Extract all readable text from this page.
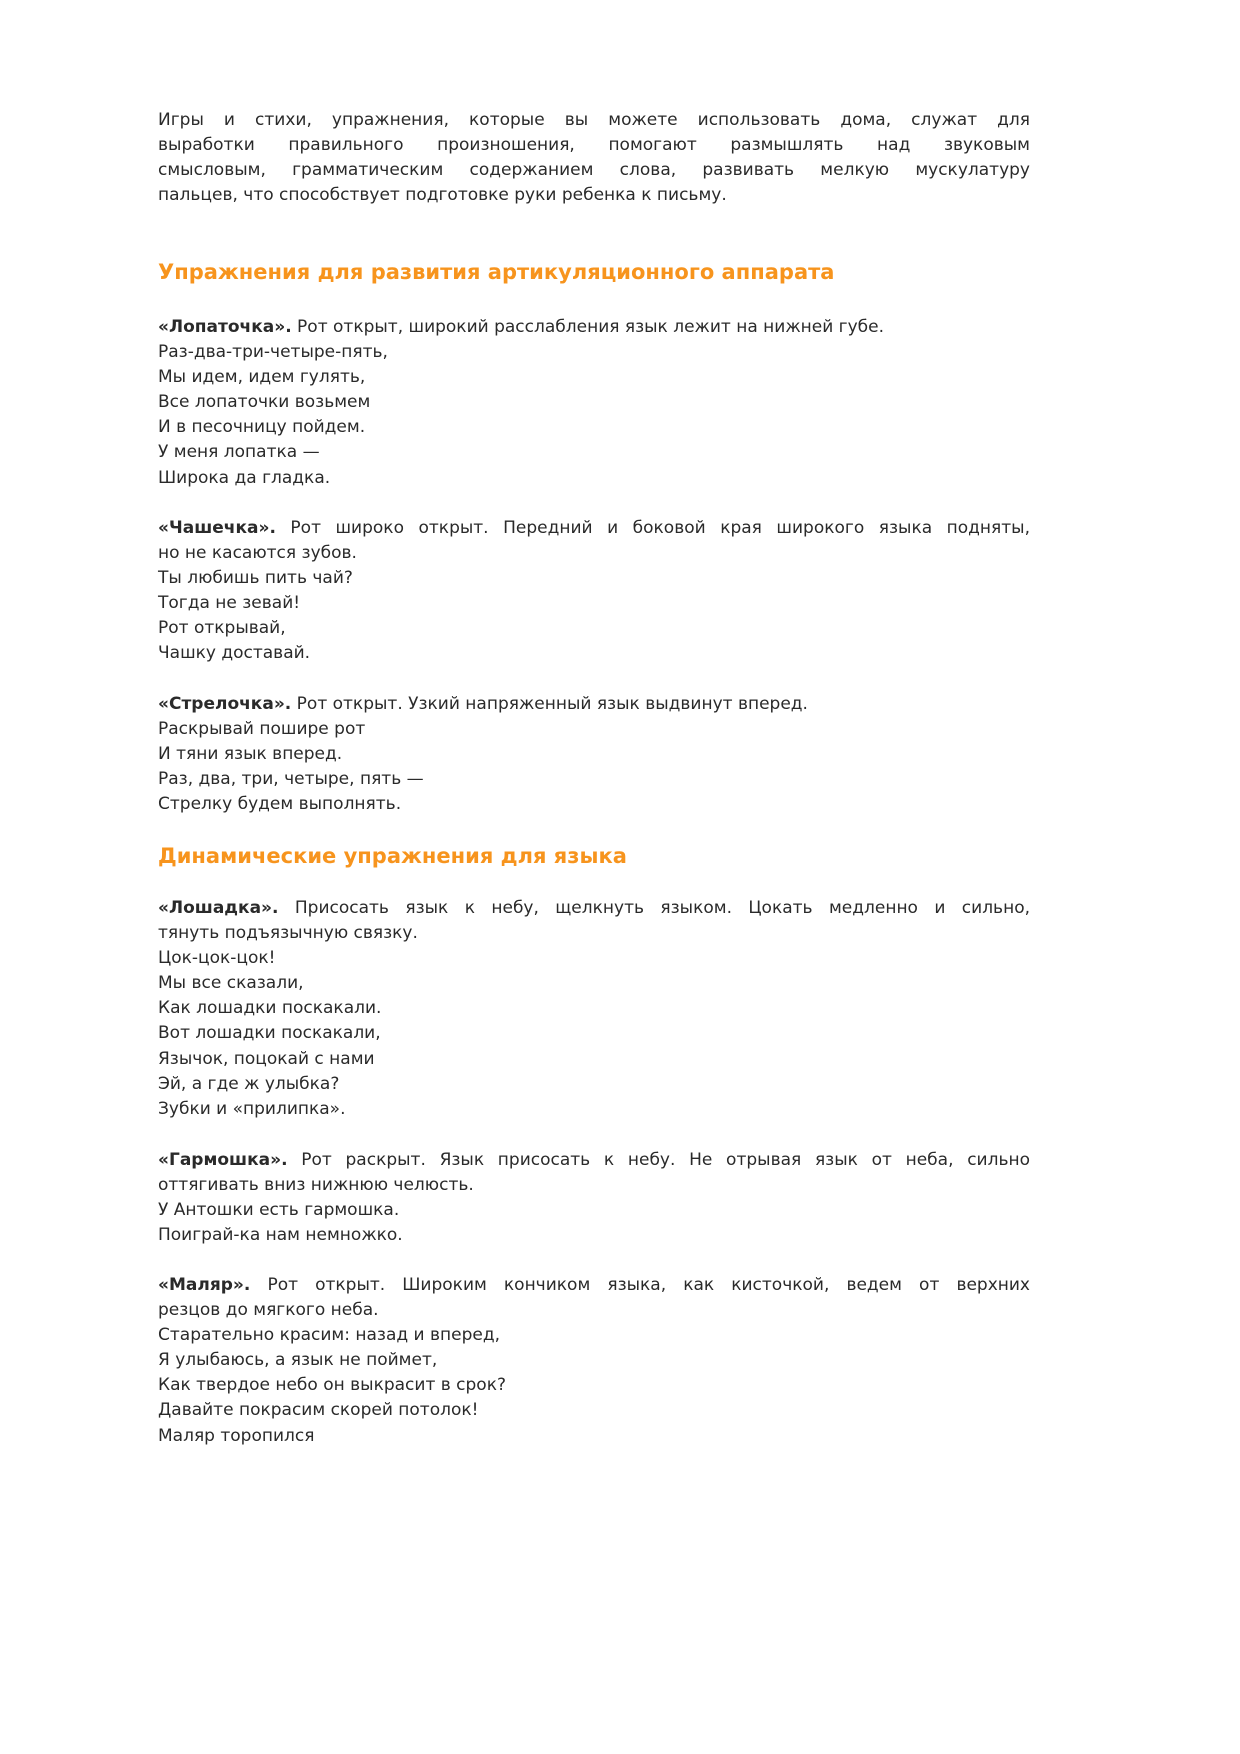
Игры и стихи, упражнения, которые вы можете использовать дома, служат для
выработки правильного произношения, помогают размышлять над звуковым
смысловым, грамматическим содержанием слова, развивать мелкую мускулатуру
пальцев, что способствует подготовке руки ребенка к письму.
Упражнения для развития артикуляционного аппарата
«Лопаточка». Рот открыт, широкий расслабления язык лежит на нижней губе.
Раз-два-три-четыре-пять,
Мы идем, идем гулять,
Все лопаточки возьмем
И в песочницу пойдем.
У меня лопатка —
Широка да гладка.
«Чашечка». Рот широко открыт. Передний и боковой края широкого языка подняты,
но не касаются зубов.
Ты любишь пить чай?
Тогда не зевай!
Рот открывай,
Чашку доставай.
«Стрелочка». Рот открыт. Узкий напряженный язык выдвинут вперед.
Раскрывай пошире рот
И тяни язык вперед.
Раз, два, три, четыре, пять —
Стрелку будем выполнять.
Динамические упражнения для языка
«Лошадка». Присосать язык к небу, щелкнуть языком. Цокать медленно и сильно,
тянуть подъязычную связку.
Цок-цок-цок!
Мы все сказали,
Как лошадки поскакали.
Вот лошадки поскакали,
Язычок, поцокай с нами
Эй, а где ж улыбка?
Зубки и «прилипка».
«Гармошка». Рот раскрыт. Язык присосать к небу. Не отрывая язык от неба, сильно
оттягивать вниз нижнюю челюсть.
У Антошки есть гармошка.
Поиграй-ка нам немножко.
«Маляр». Рот открыт. Широким кончиком языка, как кисточкой, ведем от верхних
резцов до мягкого неба.
Старательно красим: назад и вперед,
Я улыбаюсь, а язык не поймет,
Как твердое небо он выкрасит в срок?
Давайте покрасим скорей потолок!
Маляр торопился
